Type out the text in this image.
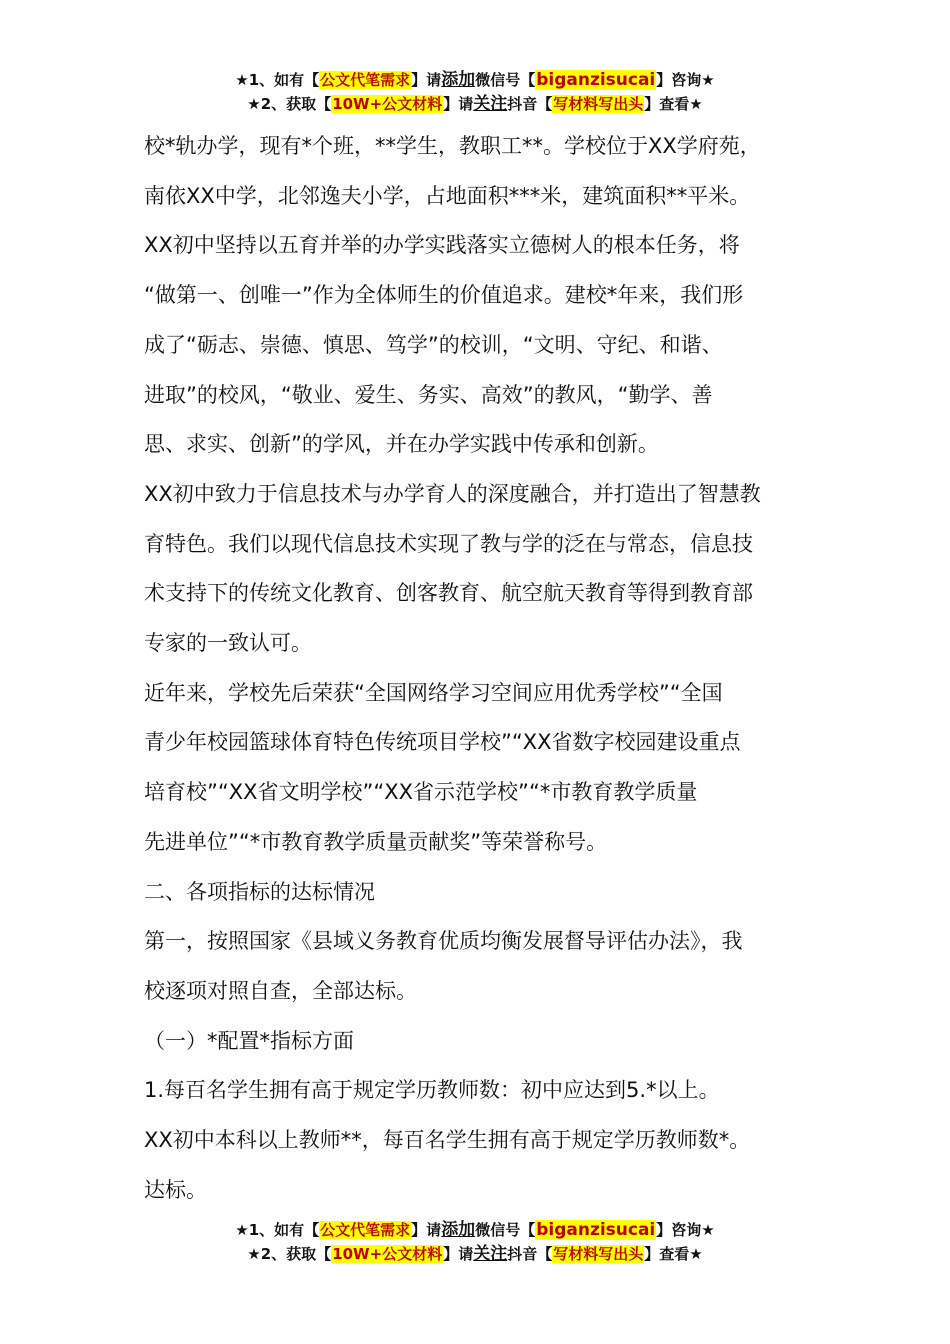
★1、如有【公文代笔需求】请添加微信号【biganzisucai】咨询★
★2、获取【10W+公文材料】请关注抖音【写材料写出头】查看★

校*轨办学，现有*个班，**学生，教职工**。学校位于XX学府苑，

南依XX中学，北邻逸夫小学，占地面积***米，建筑面积**平米。

XX初中坚持以五育并举的办学实践落实立德树人的根本任务，将

“做第一、创唯一”作为全体师生的价值追求。建校*年来，我们形

成了“砺志、崇德、慎思、笃学”的校训，“文明、守纪、和谐、

进取”的校风，“敬业、爱生、务实、高效”的教风，“勤学、善

思、求实、创新”的学风，并在办学实践中传承和创新。

XX初中致力于信息技术与办学育人的深度融合，并打造出了智慧教

育特色。我们以现代信息技术实现了教与学的泛在与常态，信息技

术支持下的传统文化教育、创客教育、航空航天教育等得到教育部

专家的一致认可。

近年来，学校先后荣获“全国网络学习空间应用优秀学校”“全国

青少年校园篮球体育特色传统项目学校”“XX省数字校园建设重点

培育校”“XX省文明学校”“XX省示范学校”“*市教育教学质量

先进单位”“*市教育教学质量贡献奖”等荣誉称号。

二、各项指标的达标情况

第一，按照国家《县域义务教育优质均衡发展督导评估办法》，我

校逐项对照自查，全部达标。

（一）*配置*指标方面

1.每百名学生拥有高于规定学历教师数：初中应达到5.*以上。

XX初中本科以上教师**，每百名学生拥有高于规定学历教师数*。

达标。

★1、如有【公文代笔需求】请添加微信号【biganzisucai】咨询★
★2、获取【10W+公文材料】请关注抖音【写材料写出头】查看★
